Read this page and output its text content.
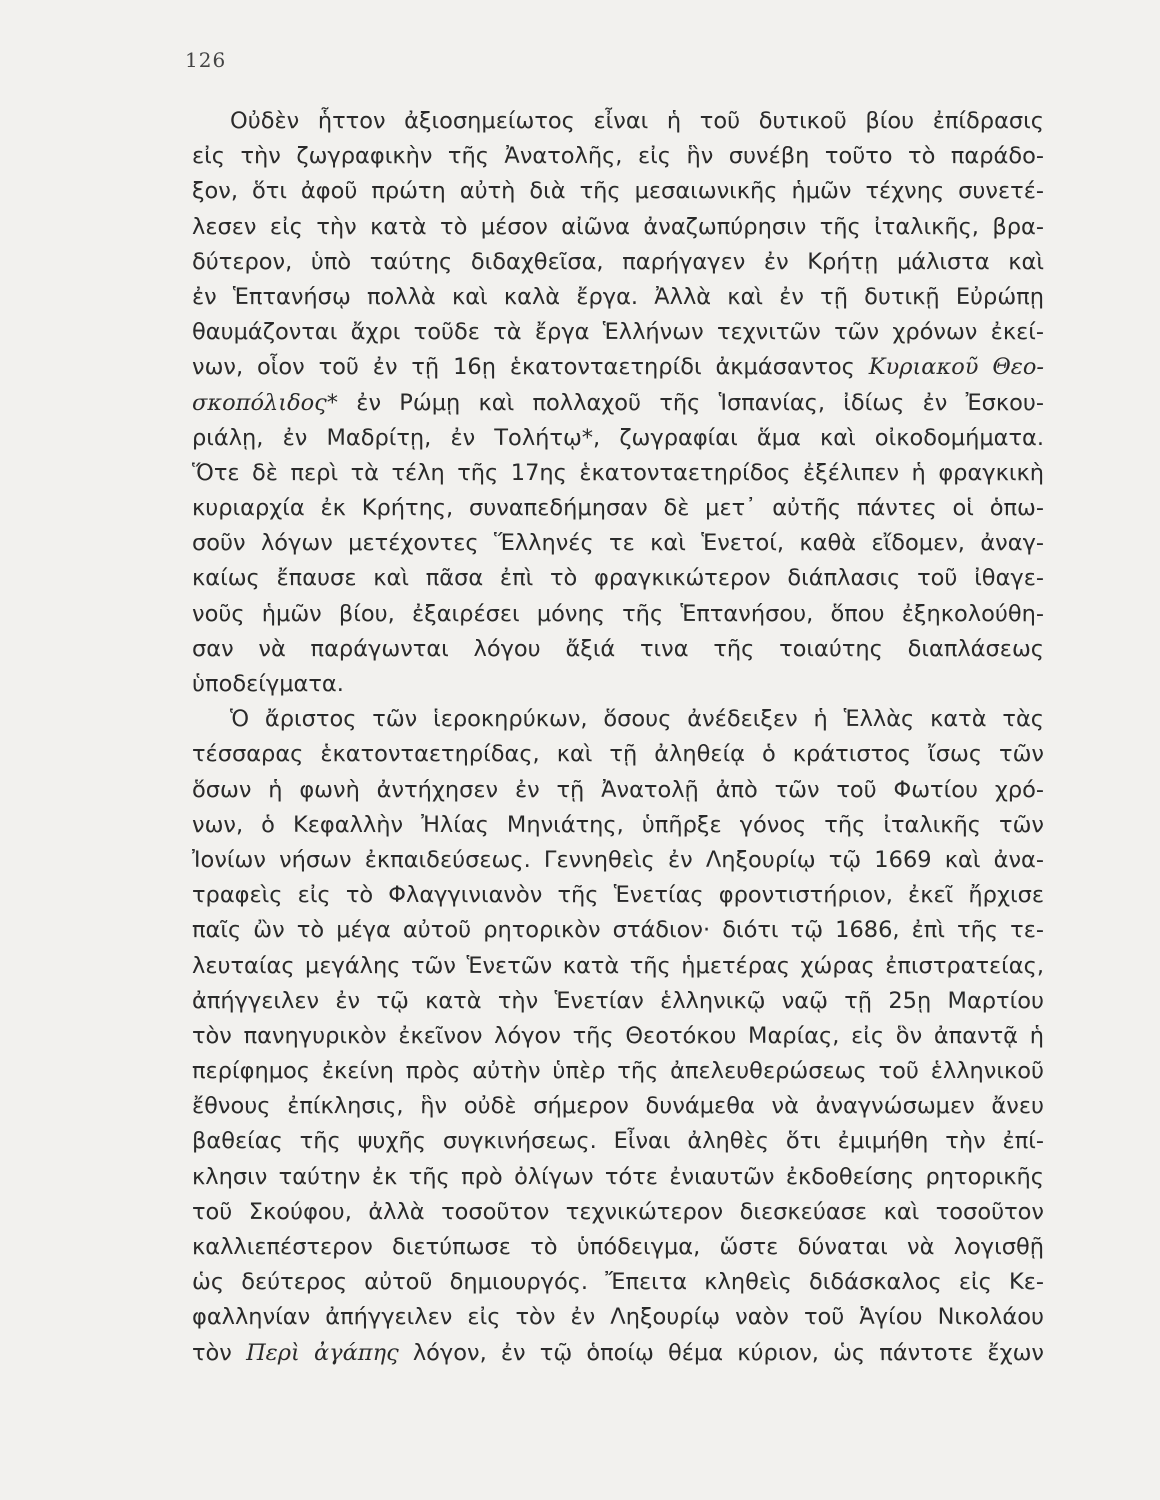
126
Οὐδὲν ἧττον ἀξιοσημείωτος εἶναι ἡ τοῦ δυτικοῦ βίου ἐπίδρασις
εἰς τὴν ζωγραφικὴν τῆς Ἀνατολῆς, εἰς ἣν συνέβη τοῦτο τὸ παράδο-
ξον, ὅτι ἀφοῦ πρώτη αὐτὴ διὰ τῆς μεσαιωνικῆς ἡμῶν τέχνης συνετέ-
λεσεν εἰς τὴν κατὰ τὸ μέσον αἰῶνα ἀναζωπύρησιν τῆς ἰταλικῆς, βρα-
δύτερον, ὑπὸ ταύτης διδαχθεῖσα, παρήγαγεν ἐν Κρήτῃ μάλιστα καὶ
ἐν Ἑπτανήσῳ πολλὰ καὶ καλὰ ἔργα. Ἀλλὰ καὶ ἐν τῇ δυτικῇ Εὐρώπῃ
θαυμάζονται ἄχρι τοῦδε τὰ ἔργα Ἑλλήνων τεχνιτῶν τῶν χρόνων ἐκεί-
νων, οἷον τοῦ ἐν τῇ 16ῃ ἑκατονταετηρίδι ἀκμάσαντος Κυριακοῦ Θεο-
σκοπόλιδος* ἐν Ρώμῃ καὶ πολλαχοῦ τῆς Ἱσπανίας, ἰδίως ἐν Ἐσκου-
ριάλῃ, ἐν Μαδρίτῃ, ἐν Τολήτῳ*, ζωγραφίαι ἅμα καὶ οἰκοδομήματα.
Ὅτε δὲ περὶ τὰ τέλη τῆς 17ης ἑκατονταετηρίδος ἐξέλιπεν ἡ φραγκικὴ
κυριαρχία ἐκ Κρήτης, συναπεδήμησαν δὲ μετ᾽ αὐτῆς πάντες οἱ ὁπω-
σοῦν λόγων μετέχοντες Ἕλληνές τε καὶ Ἑνετοί, καθὰ εἴδομεν, ἀναγ-
καίως ἔπαυσε καὶ πᾶσα ἐπὶ τὸ φραγκικώτερον διάπλασις τοῦ ἰθαγε-
νοῦς ἡμῶν βίου, ἐξαιρέσει μόνης τῆς Ἑπτανήσου, ὅπου ἐξηκολούθη-
σαν νὰ παράγωνται λόγου ἄξιά τινα τῆς τοιαύτης διαπλάσεως
ὑποδείγματα.
Ὁ ἄριστος τῶν ἱεροκηρύκων, ὅσους ἀνέδειξεν ἡ Ἑλλὰς κατὰ τὰς
τέσσαρας ἑκατονταετηρίδας, καὶ τῇ ἀληθείᾳ ὁ κράτιστος ἴσως τῶν
ὅσων ἡ φωνὴ ἀντήχησεν ἐν τῇ Ἀνατολῇ ἀπὸ τῶν τοῦ Φωτίου χρό-
νων, ὁ Κεφαλλὴν Ἠλίας Μηνιάτης, ὑπῆρξε γόνος τῆς ἰταλικῆς τῶν
Ἰονίων νήσων ἐκπαιδεύσεως. Γεννηθεὶς ἐν Ληξουρίῳ τῷ 1669 καὶ ἀνα-
τραφεὶς εἰς τὸ Φλαγγινιανὸν τῆς Ἑνετίας φροντιστήριον, ἐκεῖ ἤρχισε
παῖς ὢν τὸ μέγα αὐτοῦ ρητορικὸν στάδιον· διότι τῷ 1686, ἐπὶ τῆς τε-
λευταίας μεγάλης τῶν Ἑνετῶν κατὰ τῆς ἡμετέρας χώρας ἐπιστρατείας,
ἀπήγγειλεν ἐν τῷ κατὰ τὴν Ἑνετίαν ἑλληνικῷ ναῷ τῇ 25ῃ Μαρτίου
τὸν πανηγυρικὸν ἐκεῖνον λόγον τῆς Θεοτόκου Μαρίας, εἰς ὃν ἀπαντᾷ ἡ
περίφημος ἐκείνη πρὸς αὐτὴν ὑπὲρ τῆς ἀπελευθερώσεως τοῦ ἑλληνικοῦ
ἔθνους ἐπίκλησις, ἣν οὐδὲ σήμερον δυνάμεθα νὰ ἀναγνώσωμεν ἄνευ
βαθείας τῆς ψυχῆς συγκινήσεως. Εἶναι ἀληθὲς ὅτι ἐμιμήθη τὴν ἐπί-
κλησιν ταύτην ἐκ τῆς πρὸ ὀλίγων τότε ἐνιαυτῶν ἐκδοθείσης ρητορικῆς
τοῦ Σκούφου, ἀλλὰ τοσοῦτον τεχνικώτερον διεσκεύασε καὶ τοσοῦτον
καλλιεπέστερον διετύπωσε τὸ ὑπόδειγμα, ὥστε δύναται νὰ λογισθῇ
ὡς δεύτερος αὐτοῦ δημιουργός. Ἔπειτα κληθεὶς διδάσκαλος εἰς Κε-
φαλληνίαν ἀπήγγειλεν εἰς τὸν ἐν Ληξουρίῳ ναὸν τοῦ Ἁγίου Νικολάου
τὸν Περὶ ἀγάπης λόγον, ἐν τῷ ὁποίῳ θέμα κύριον, ὡς πάντοτε ἔχων
